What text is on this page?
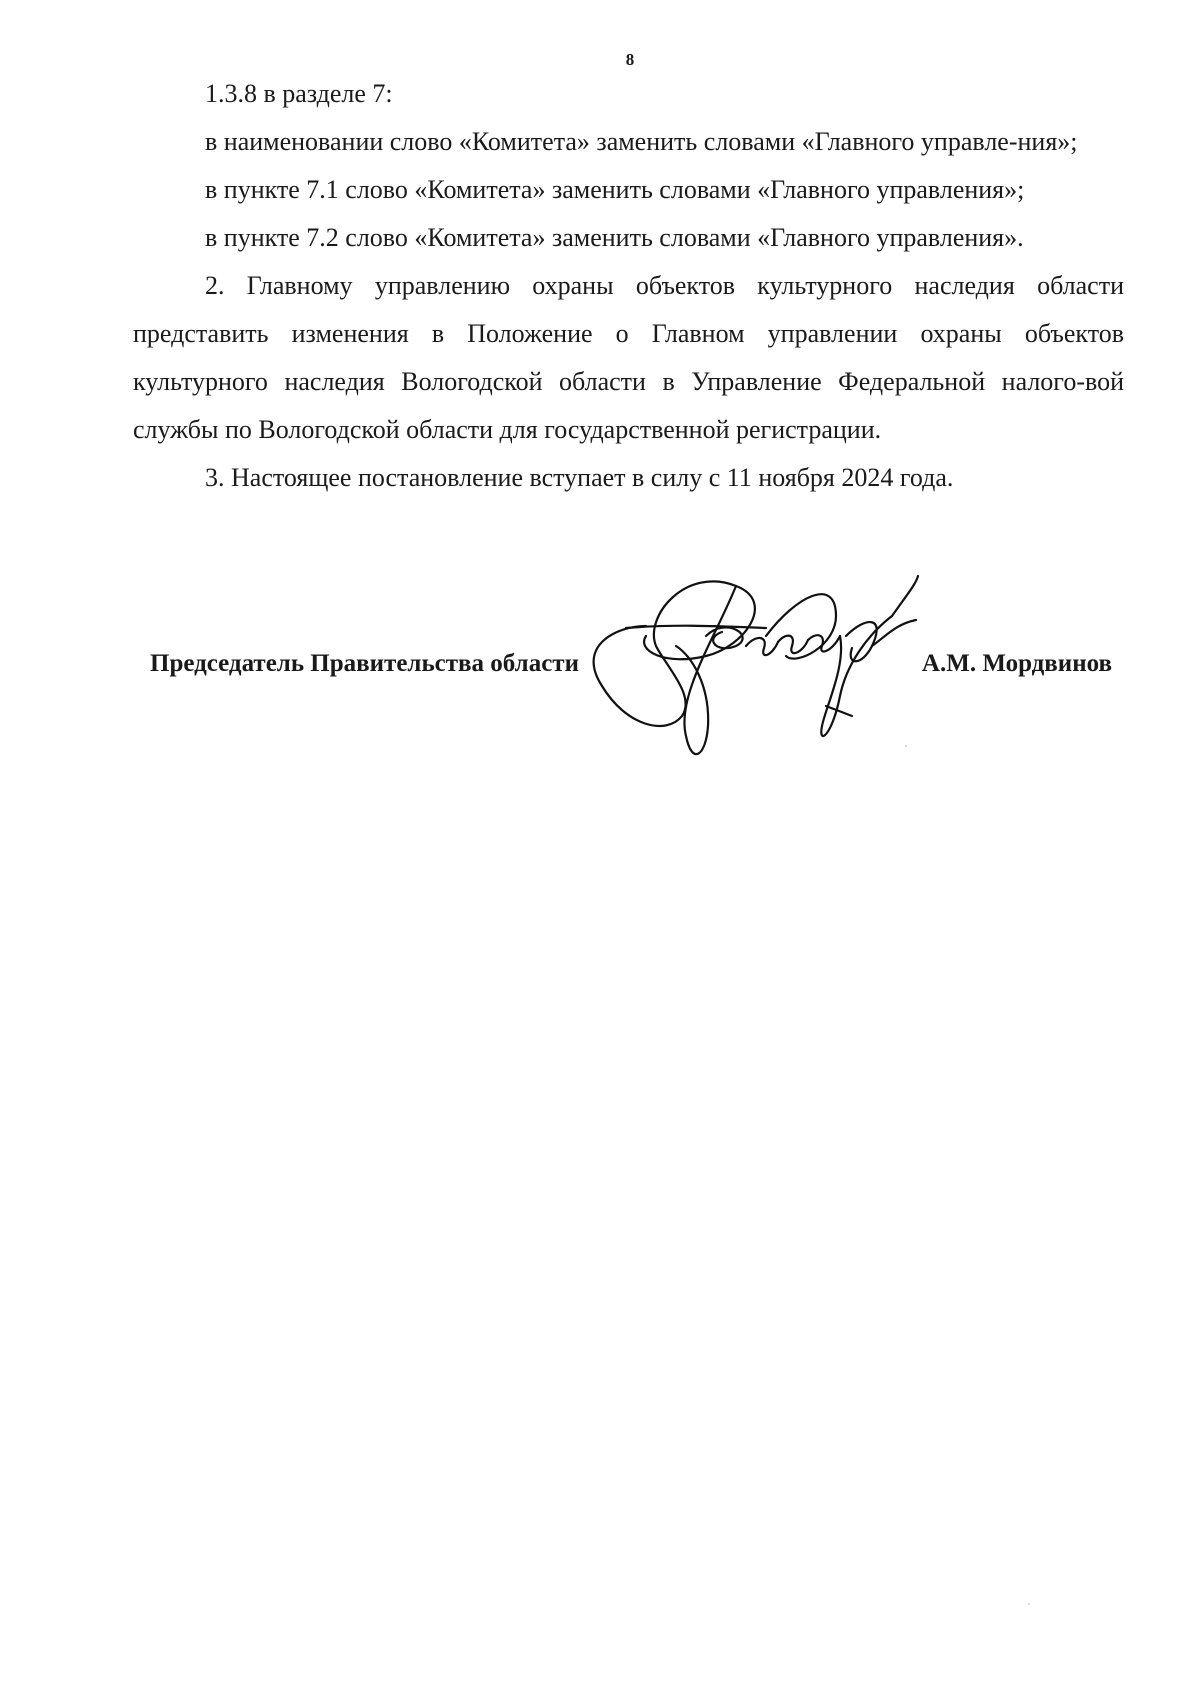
8

1.3.8 в разделе 7:

в наименовании слово «Комитета» заменить словами «Главного управле-ния»;

в пункте 7.1 слово «Комитета» заменить словами «Главного управления»;

в пункте 7.2 слово «Комитета» заменить словами «Главного управления».

2. Главному управлению охраны объектов культурного наследия области представить изменения в Положение о Главном управлении охраны объектов культурного наследия Вологодской области в Управление Федеральной налого-вой службы по Вологодской области для государственной регистрации.

3. Настоящее постановление вступает в силу с 11 ноября 2024 года.

Председатель Правительства области	А.М. Мордвинов
